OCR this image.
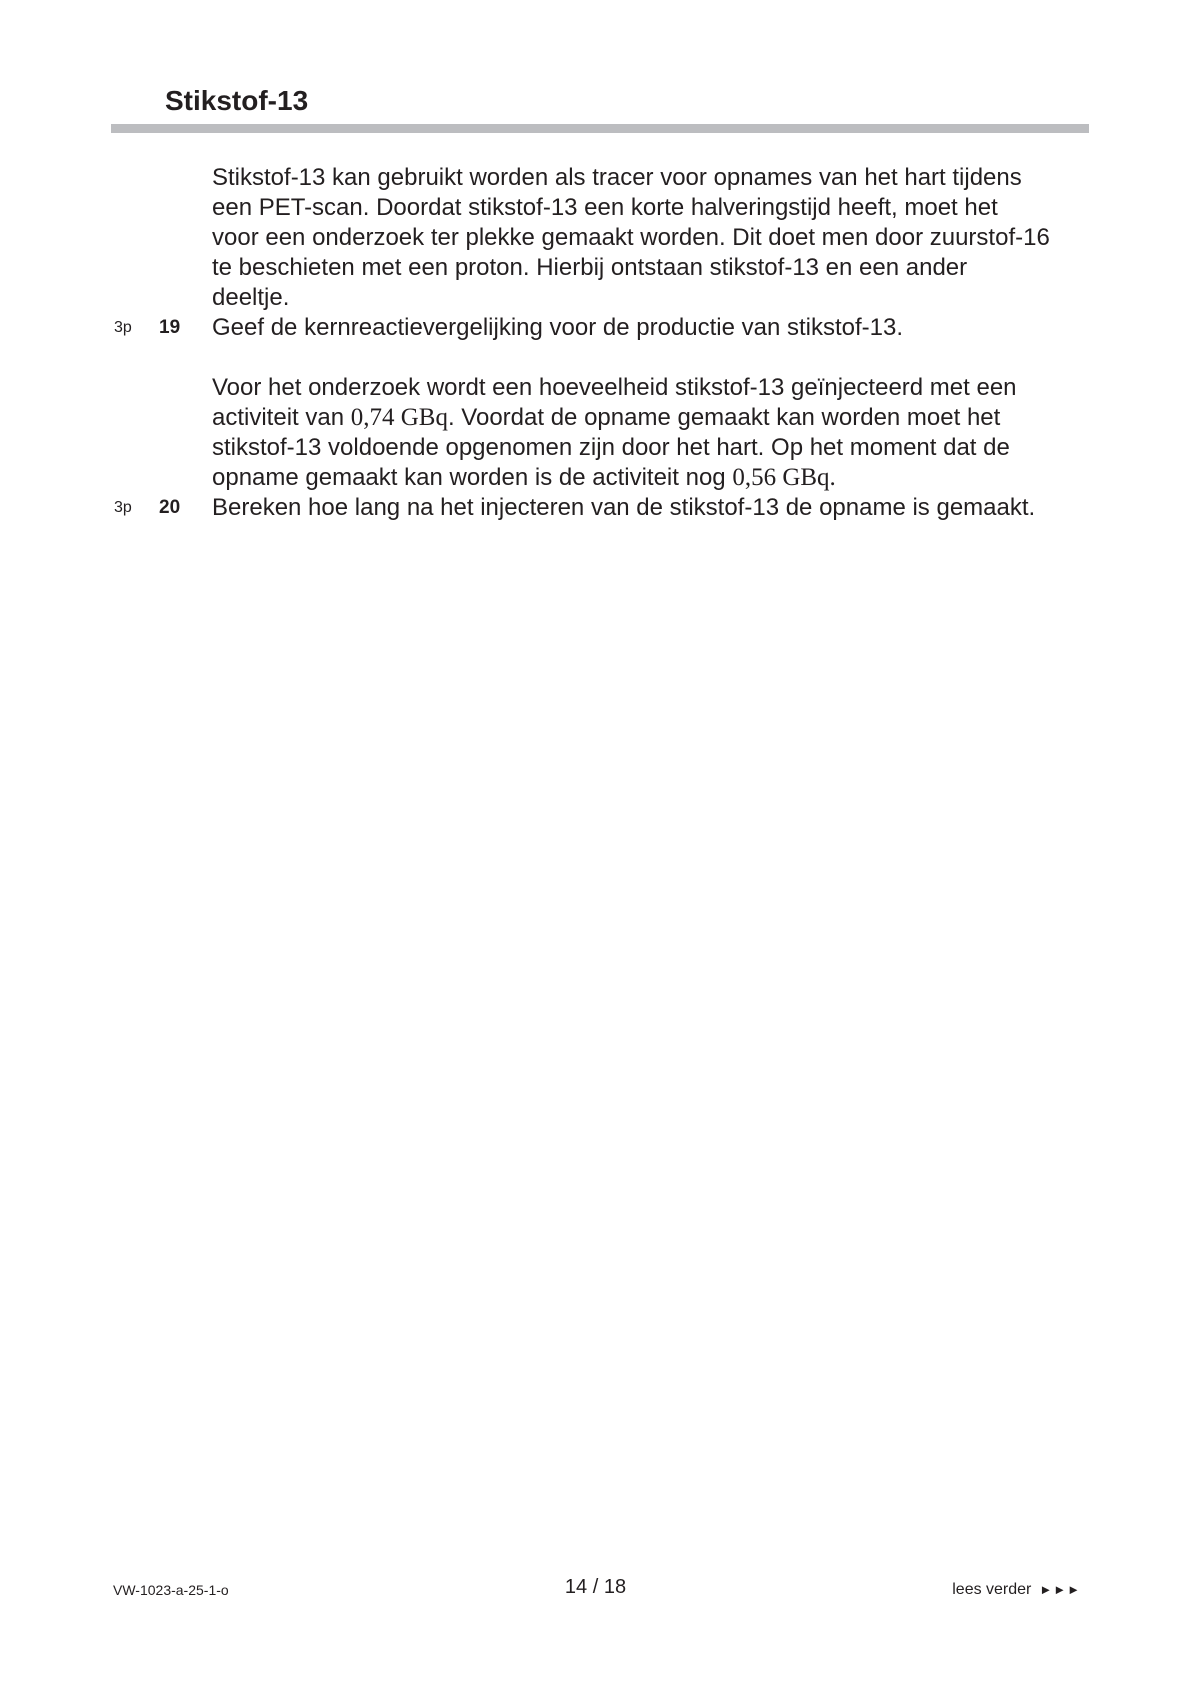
Stikstof-13

Stikstof-13 kan gebruikt worden als tracer voor opnames van het hart tijdens een PET-scan. Doordat stikstof-13 een korte halveringstijd heeft, moet het voor een onderzoek ter plekke gemaakt worden. Dit doet men door zuurstof-16 te beschieten met een proton. Hierbij ontstaan stikstof-13 en een ander deeltje.

3p 19 Geef de kernreactievergelijking voor de productie van stikstof-13.

Voor het onderzoek wordt een hoeveelheid stikstof-13 geïnjecteerd met een activiteit van 0,74 GBq. Voordat de opname gemaakt kan worden moet het stikstof-13 voldoende opgenomen zijn door het hart. Op het moment dat de opname gemaakt kan worden is de activiteit nog 0,56 GBq.

3p 20 Bereken hoe lang na het injecteren van de stikstof-13 de opname is gemaakt.
VW-1023-a-25-1-o	14 / 18	lees verder ►►►
